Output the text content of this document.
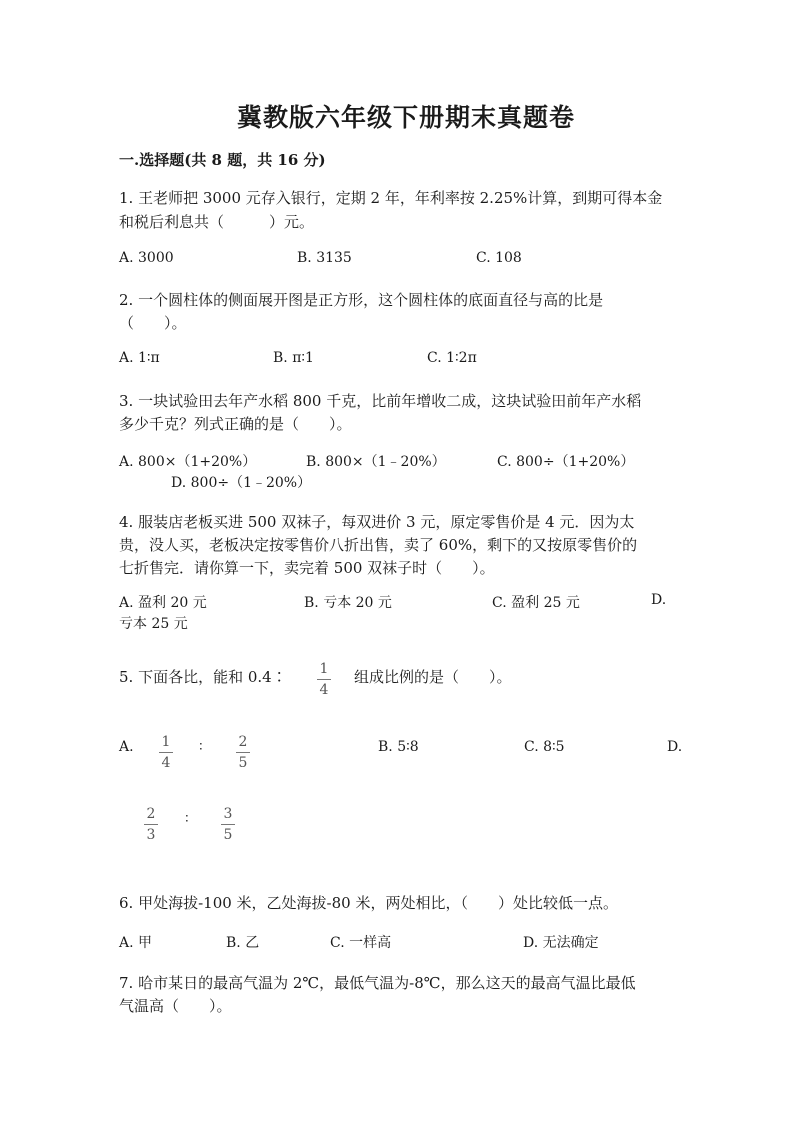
冀教版六年级下册期末真题卷
一.选择题(共 8 题，共 16 分)
1. 王老师把 3000 元存入银行，定期 2 年，年利率按 2.25%计算，到期可得本金
和税后利息共（　　　）元。
A. 3000	B. 3135	C. 108
2. 一个圆柱体的侧面展开图是正方形，这个圆柱体的底面直径与高的比是
（　　）。
A. 1∶π	B. π∶1	C. 1∶2π
3. 一块试验田去年产水稻 800 千克，比前年增收二成，这块试验田前年产水稻
多少千克？列式正确的是（　　）。
A. 800×（1+20%）	B. 800×（1﹣20%）	C. 800÷（1+20%）
D. 800÷（1﹣20%）
4. 服装店老板买进 500 双袜子，每双进价 3 元，原定零售价是 4 元．因为太
贵，没人买，老板决定按零售价八折出售，卖了 60%，剩下的又按原零售价的
七折售完．请你算一下，卖完着 500 双袜子时（　　）。
A. 盈利 20 元	B. 亏本 20 元	C. 盈利 25 元	D.
亏本 25 元
5. 下面各比，能和 0.4∶ 1
4
组成比例的是（　　）。
A. 1
4
∶	2
5
B. 5∶8	C. 8∶5	D.
2
3
∶ 3
5
6. 甲处海拔-100 米，乙处海拔-80 米，两处相比，（　　）处比较低一点。
A. 甲	B. 乙	C. 一样高	D. 无法确定
7. 哈市某日的最高气温为 2℃，最低气温为-8℃，那么这天的最高气温比最低
气温高（　　）。
